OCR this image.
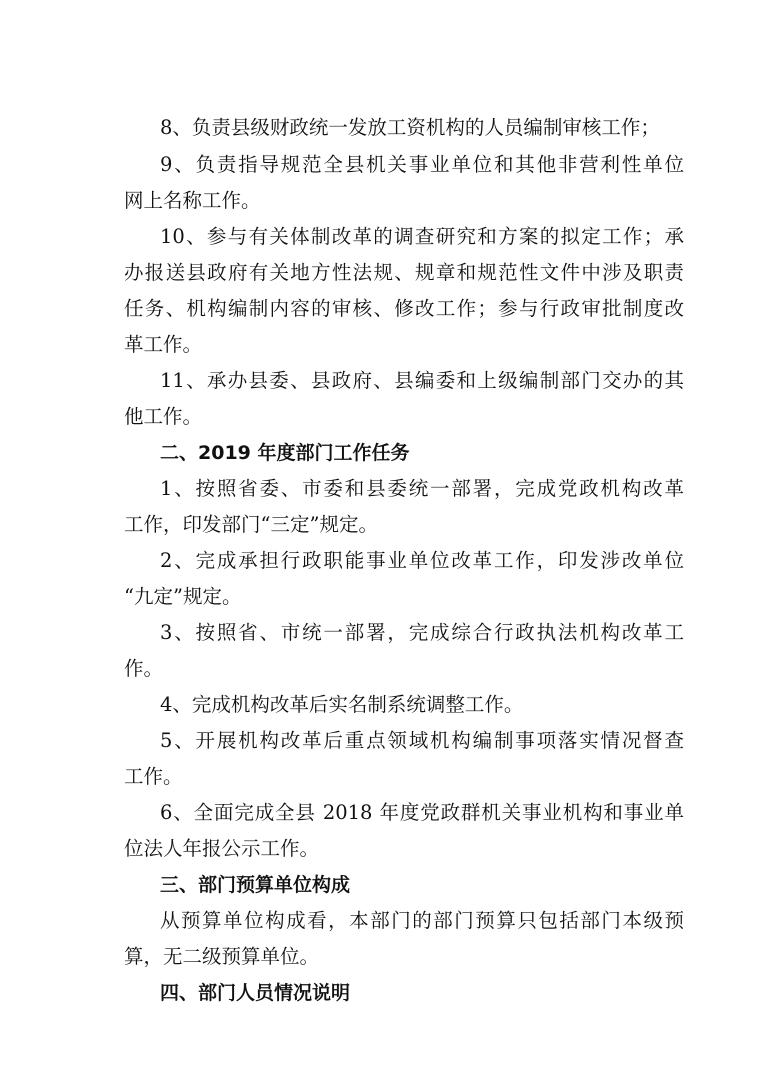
8、负责县级财政统一发放工资机构的人员编制审核工作；
9、负责指导规范全县机关事业单位和其他非营利性单位
网上名称工作。
10、参与有关体制改革的调查研究和方案的拟定工作；承
办报送县政府有关地方性法规、规章和规范性文件中涉及职责
任务、机构编制内容的审核、修改工作；参与行政审批制度改
革工作。
11、承办县委、县政府、县编委和上级编制部门交办的其
他工作。
二、2019 年度部门工作任务
1、按照省委、市委和县委统一部署，完成党政机构改革
工作，印发部门“三定”规定。
2、完成承担行政职能事业单位改革工作，印发涉改单位
“九定”规定。
3、按照省、市统一部署，完成综合行政执法机构改革工
作。
4、完成机构改革后实名制系统调整工作。
5、开展机构改革后重点领域机构编制事项落实情况督查
工作。
6、全面完成全县 2018 年度党政群机关事业机构和事业单
位法人年报公示工作。
三、部门预算单位构成
从预算单位构成看，本部门的部门预算只包括部门本级预
算，无二级预算单位。
四、部门人员情况说明
